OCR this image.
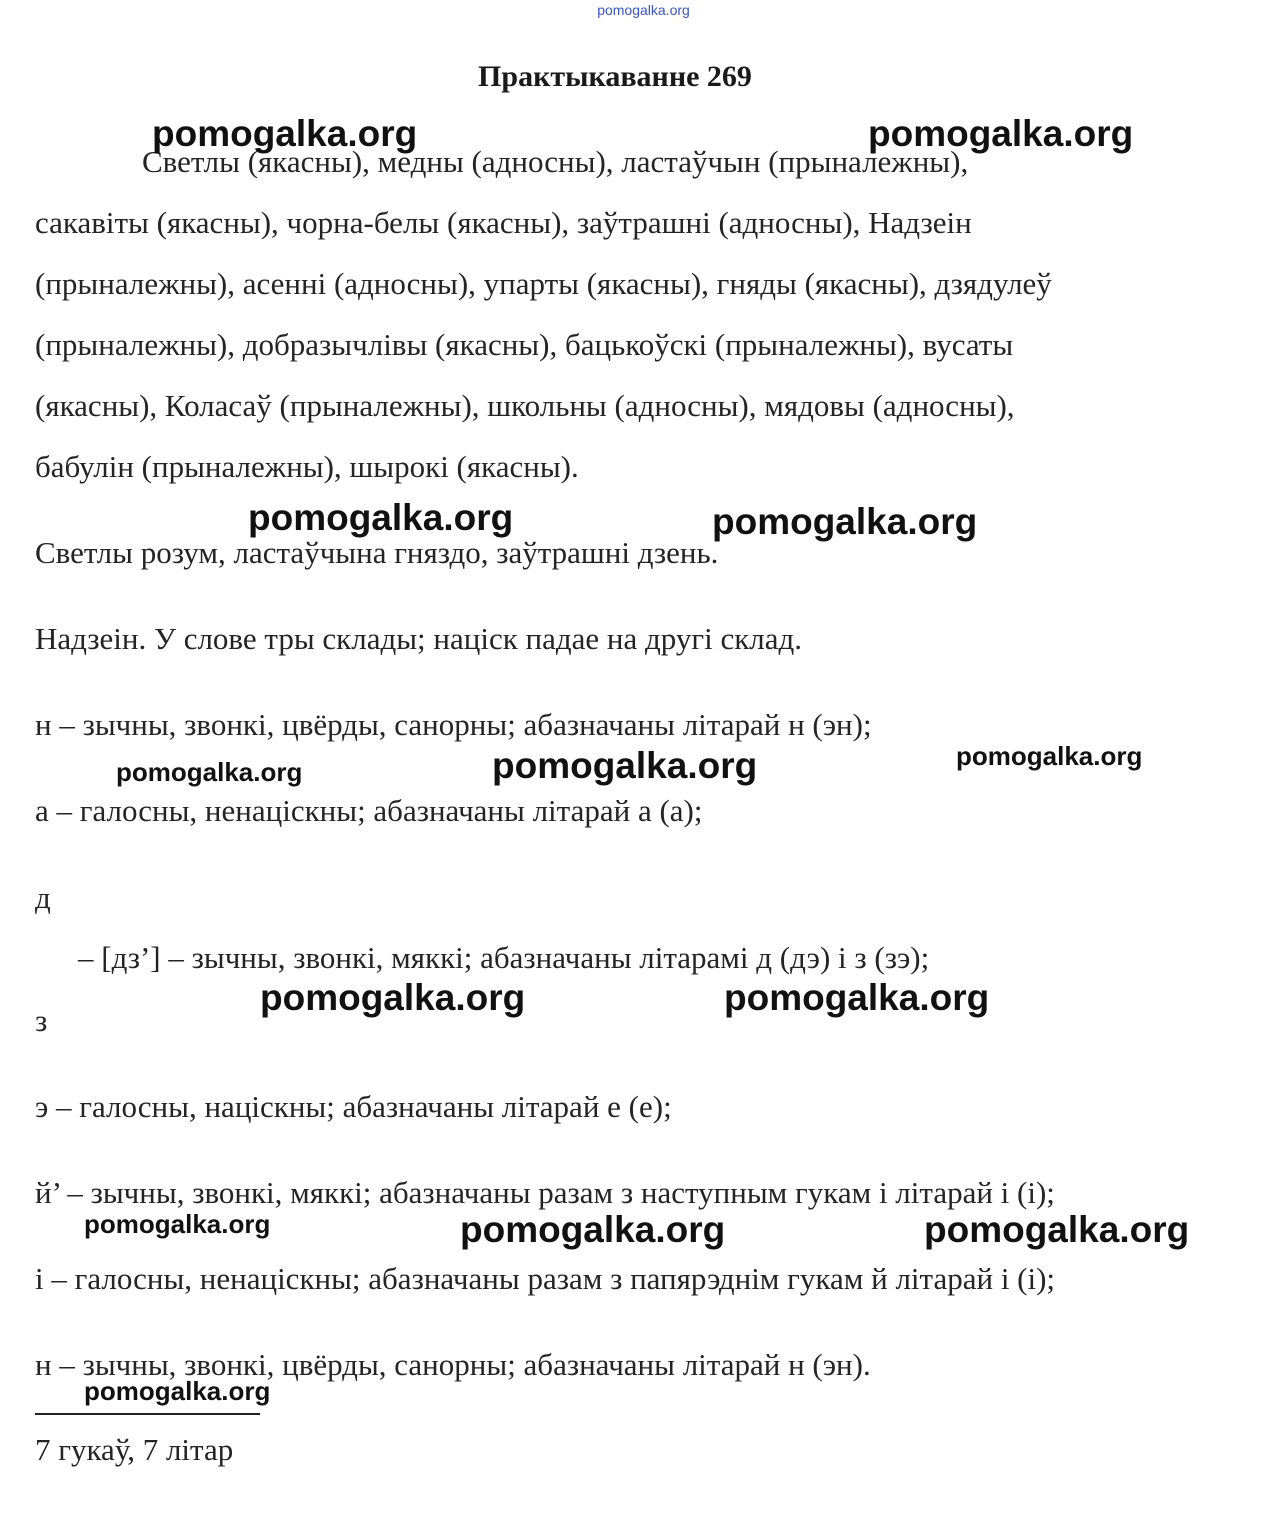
pomogalka.org
Практыкаванне 269
Светлы (якасны), медны (адносны), ластаўчын (прыналежны),
сакавіты (якасны), чорна-белы (якасны), заўтрашні (адносны), Надзеін
(прыналежны), асенні (адносны), упарты (якасны), гняды (якасны), дзядулеў
(прыналежны), добразычлівы (якасны), бацькоўскі (прыналежны), вусаты
(якасны), Коласаў (прыналежны), школьны (адносны), мядовы (адносны),
бабулін (прыналежны), шырокі (якасны).
Светлы розум, ластаўчына гняздо, заўтрашні дзень.
Надзеін. У слове тры склады; націск падае на другі склад.
н – зычны, звонкі, цвёрды, санорны; абазначаны літарай н (эн);
а – галосны, ненаціскны; абазначаны літарай а (а);
д
– [дз’] – зычны, звонкі, мяккі; абазначаны літарамі д (дэ) і з (зэ);
з
э – галосны, націскны; абазначаны літарай е (е);
й’ – зычны, звонкі, мяккі; абазначаны разам з наступным гукам і літарай і (і);
і – галосны, ненаціскны; абазначаны разам з папярэднім гукам й літарай і (і);
н – зычны, звонкі, цвёрды, санорны; абазначаны літарай н (эн).
7 гукаў, 7 літар
pomogalka.org	pomogalka.org
pomogalka.org	pomogalka.org
pomogalka.org	pomogalka.org	pomogalka.org
pomogalka.org	pomogalka.org
pomogalka.org	pomogalka.org	pomogalka.org
pomogalka.org
